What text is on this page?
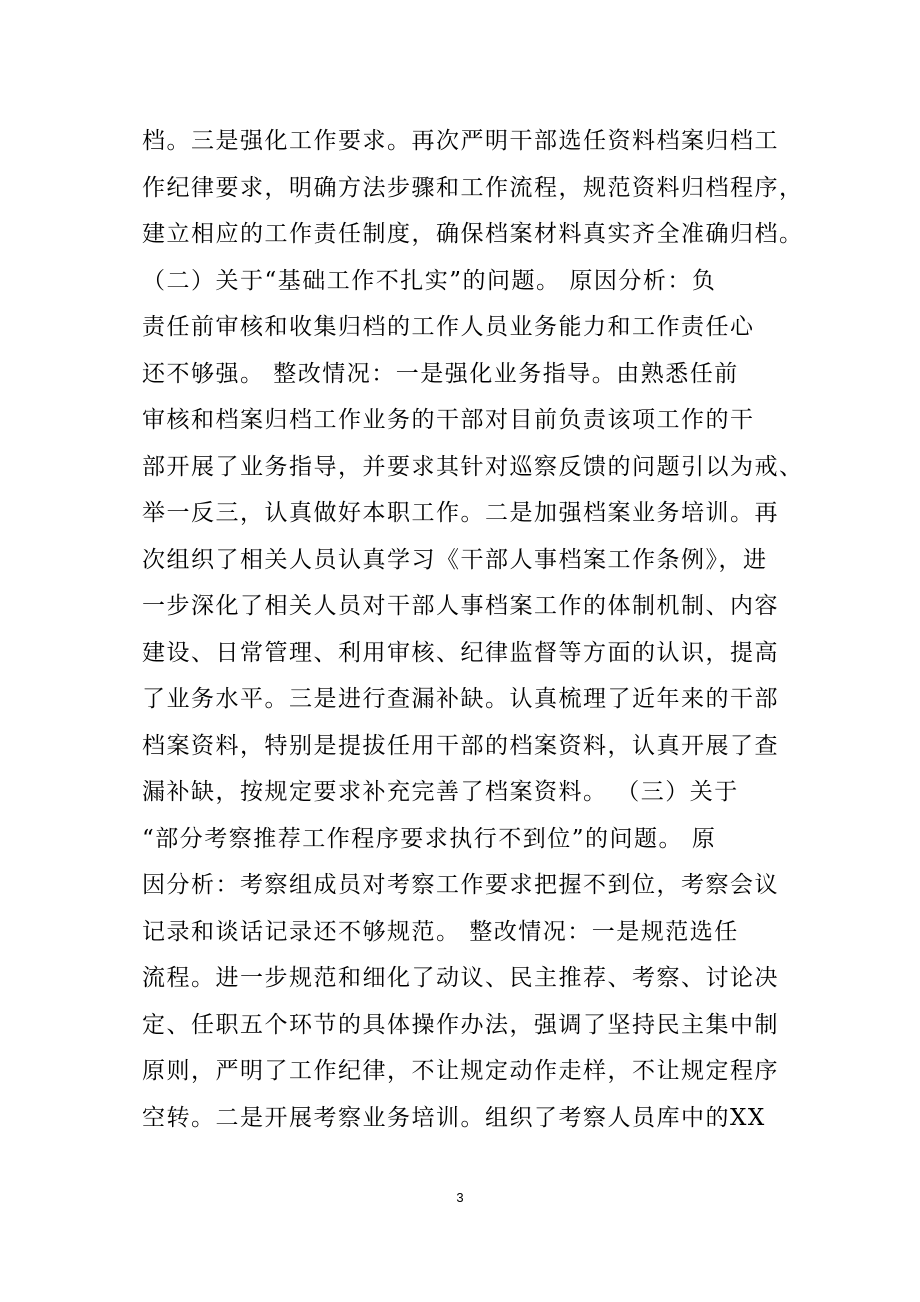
档。三是强化工作要求。再次严明干部选任资料档案归档工
作纪律要求，明确方法步骤和工作流程，规范资料归档程序，
建立相应的工作责任制度，确保档案材料真实齐全准确归档。
（二）关于“基础工作不扎实”的问题。 原因分析：负
责任前审核和收集归档的工作人员业务能力和工作责任心
还不够强。 整改情况：一是强化业务指导。由熟悉任前
审核和档案归档工作业务的干部对目前负责该项工作的干
部开展了业务指导，并要求其针对巡察反馈的问题引以为戒、
举一反三，认真做好本职工作。二是加强档案业务培训。再
次组织了相关人员认真学习《干部人事档案工作条例》，进
一步深化了相关人员对干部人事档案工作的体制机制、内容
建设、日常管理、利用审核、纪律监督等方面的认识，提高
了业务水平。三是进行查漏补缺。认真梳理了近年来的干部
档案资料，特别是提拔任用干部的档案资料，认真开展了查
漏补缺，按规定要求补充完善了档案资料。 （三）关于
“部分考察推荐工作程序要求执行不到位”的问题。 原
因分析：考察组成员对考察工作要求把握不到位，考察会议
记录和谈话记录还不够规范。 整改情况：一是规范选任
流程。进一步规范和细化了动议、民主推荐、考察、讨论决
定、任职五个环节的具体操作办法，强调了坚持民主集中制
原则，严明了工作纪律，不让规定动作走样，不让规定程序
空转。二是开展考察业务培训。组织了考察人员库中的XX
3
